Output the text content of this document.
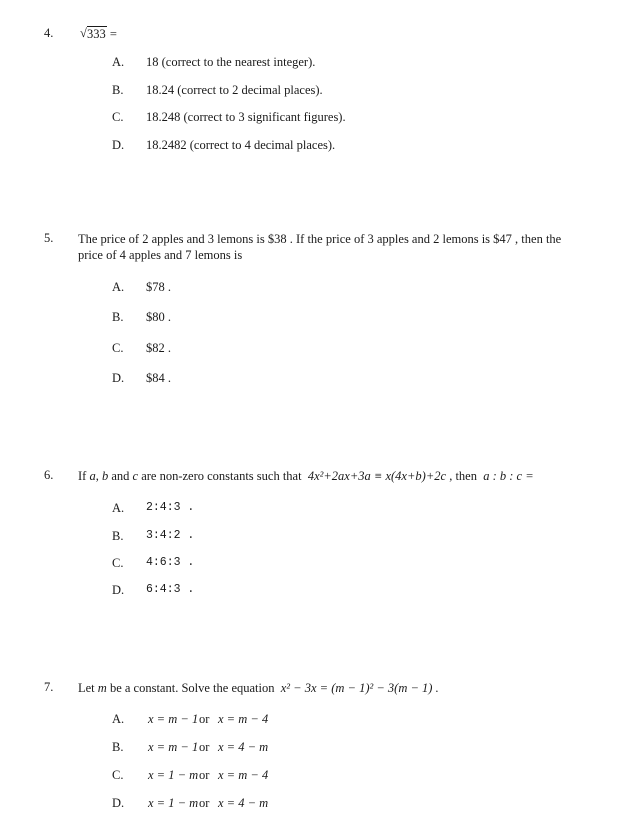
4. √ 333 =
A. 18 (correct to the nearest integer).
B. 18.24 (correct to 2 decimal places).
C. 18.248 (correct to 3 significant figures).
D. 18.2482 (correct to 4 decimal places).
5. The price of 2 apples and 3 lemons is $38 . If the price of 3 apples and 2 lemons is $47 , then the
price of 4 apples and 7 lemons is
A. $78 .
B. $80 .
C. $82 .
D. $84 .
6. If a, b and c are non-zero constants such that 4x²+2ax+3a ≡ x(4x+b)+2c , then a : b : c =
A. 2:4:3 .
B. 3:4:2 .
C. 4:6:3 .
D. 6:4:3 .
7. Let m be a constant. Solve the equation x² − 3x = (m − 1)² − 3(m − 1) .
A. x = m − 1 or x = m − 4
B. x = m − 1 or x = 4 − m
C. x = 1 − m or x = m − 4
D. x = 1 − m or x = 4 − m
